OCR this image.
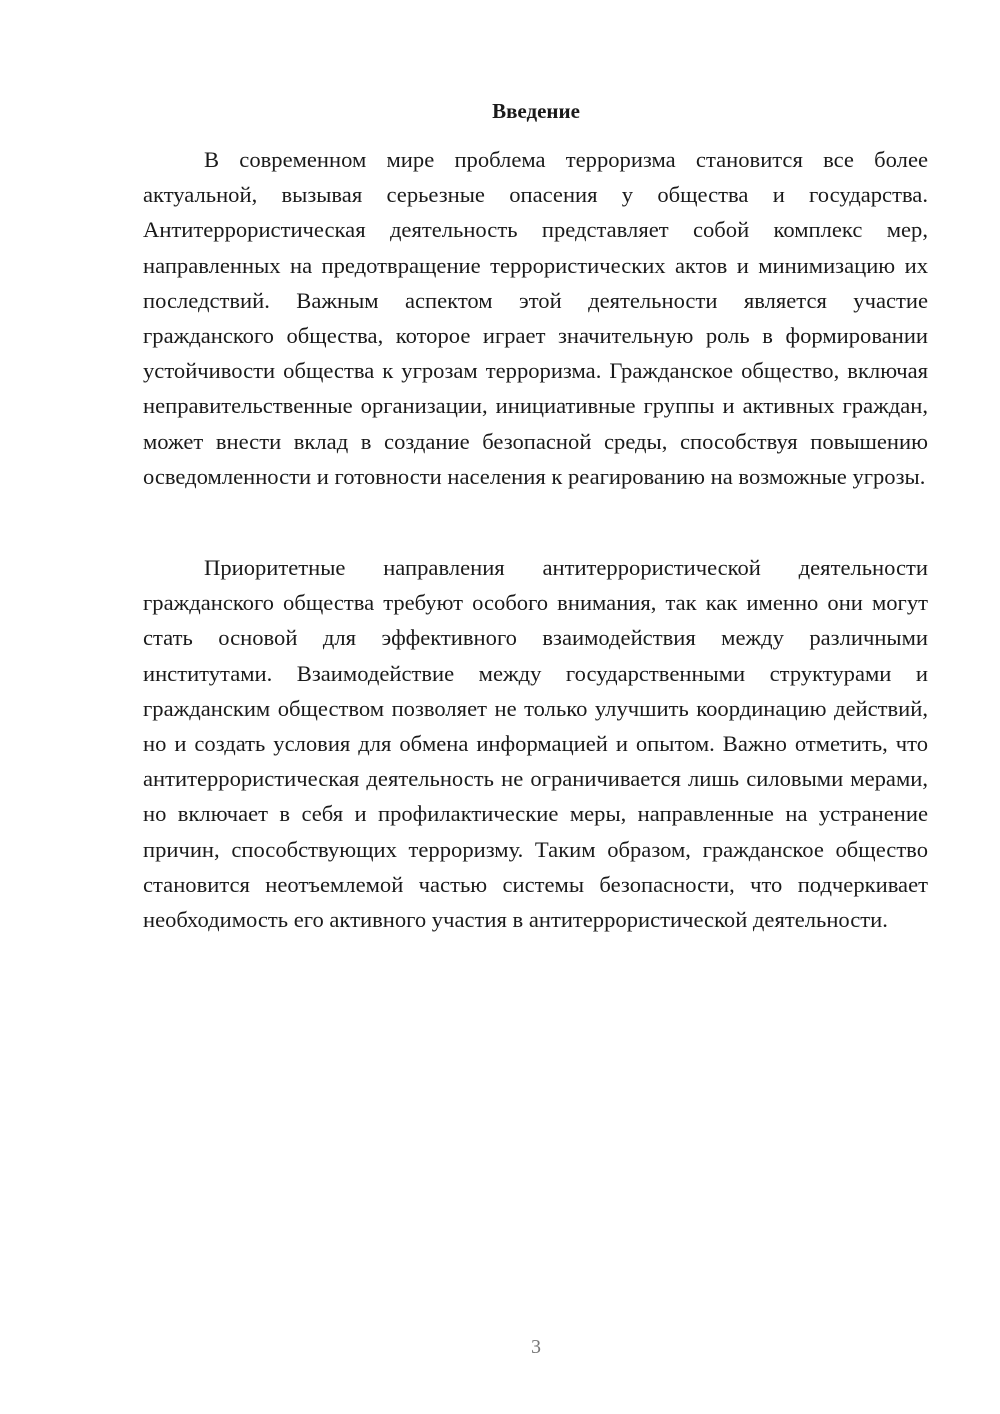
Введение

В современном мире проблема терроризма становится все более актуальной, вызывая серьезные опасения у общества и государства. Антитеррористическая деятельность представляет собой комплекс мер, направленных на предотвращение террористических актов и минимизацию их последствий. Важным аспектом этой деятельности является участие гражданского общества, которое играет значительную роль в формировании устойчивости общества к угрозам терроризма. Гражданское общество, включая неправительственные организации, инициативные группы и активных граждан, может внести вклад в создание безопасной среды, способствуя повышению осведомленности и готовности населения к реагированию на возможные угрозы.

Приоритетные направления антитеррористической деятельности гражданского общества требуют особого внимания, так как именно они могут стать основой для эффективного взаимодействия между различными институтами. Взаимодействие между государственными структурами и гражданским обществом позволяет не только улучшить координацию действий, но и создать условия для обмена информацией и опытом. Важно отметить, что антитеррористическая деятельность не ограничивается лишь силовыми мерами, но включает в себя и профилактические меры, направленные на устранение причин, способствующих терроризму. Таким образом, гражданское общество становится неотъемлемой частью системы безопасности, что подчеркивает необходимость его активного участия в антитеррористической деятельности.

3
